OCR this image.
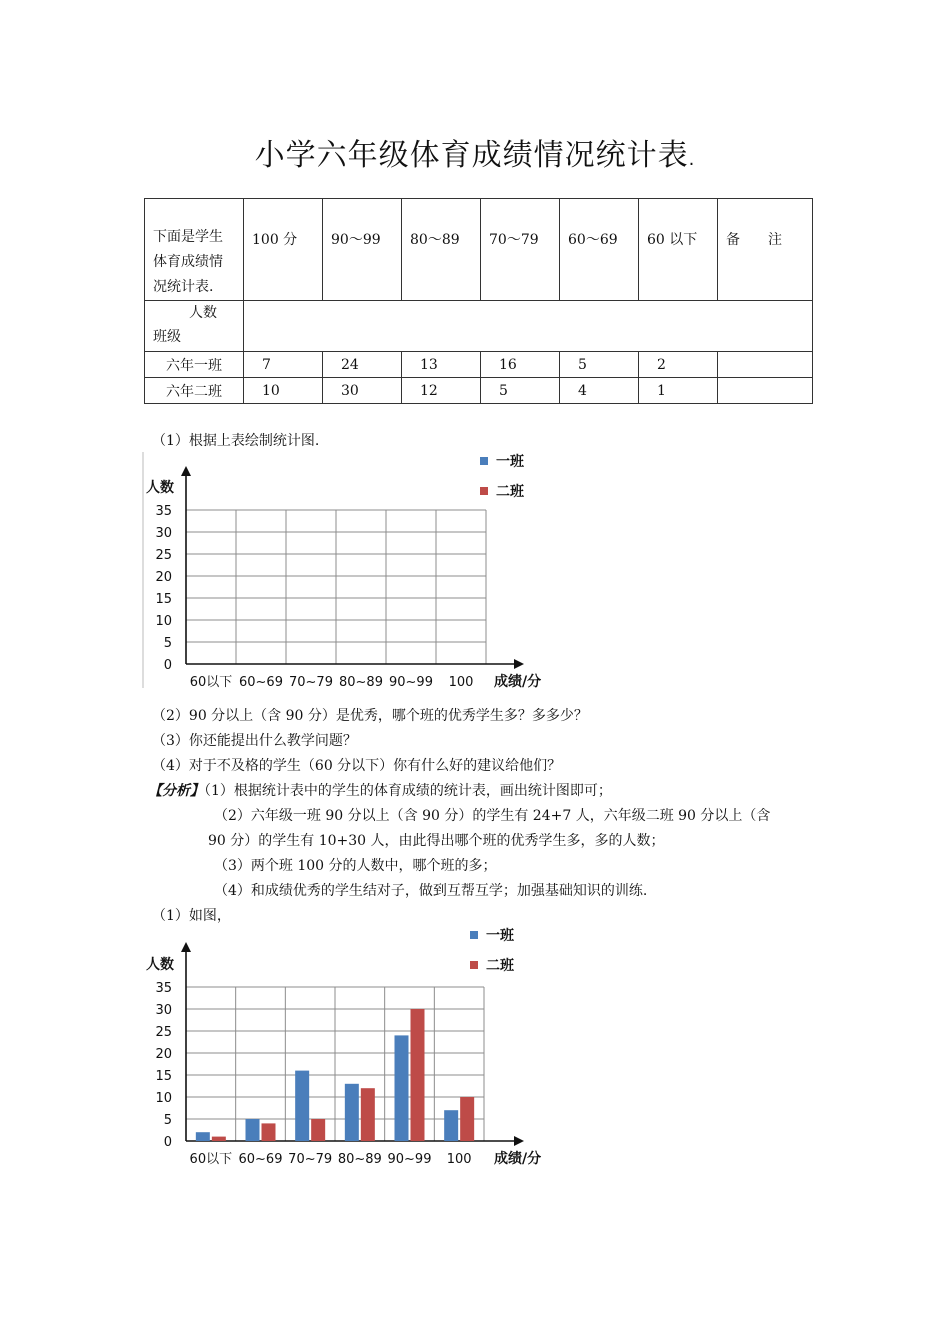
小学六年级体育成绩情况统计表.
下面是学生
体育成绩情
况统计表.	100 分	90～99	80～89	70～79	60～69	60 以下	备　　注

人数
班级							

六年一班	7	24	13	16	5	2	
六年二班	10	30	12	5	4	1	
（1）根据上表绘制统计图.
0
5
10
15
20
25
30
35
人数
成绩/分
60以下 60~69 70~79 80~89 90~99 100
一班
二班
（2）90 分以上（含 90 分）是优秀，哪个班的优秀学生多？多多少？
（3）你还能提出什么教学问题？
（4）对于不及格的学生（60 分以下）你有什么好的建议给他们？
【分析】（1）根据统计表中的学生的体育成绩的统计表，画出统计图即可；
（2）六年级一班 90 分以上（含 90 分）的学生有 24+7 人，六年级二班 90 分以上（含
90 分）的学生有 10+30 人，由此得出哪个班的优秀学生多，多的人数；
（3）两个班 100 分的人数中，哪个班的多；
（4）和成绩优秀的学生结对子，做到互帮互学；加强基础知识的训练.
（1）如图，
0
5
10
15
20
25
30
35
人数
成绩/分
60以下 60~69 70~79 80~89 90~99 100
一班
二班
